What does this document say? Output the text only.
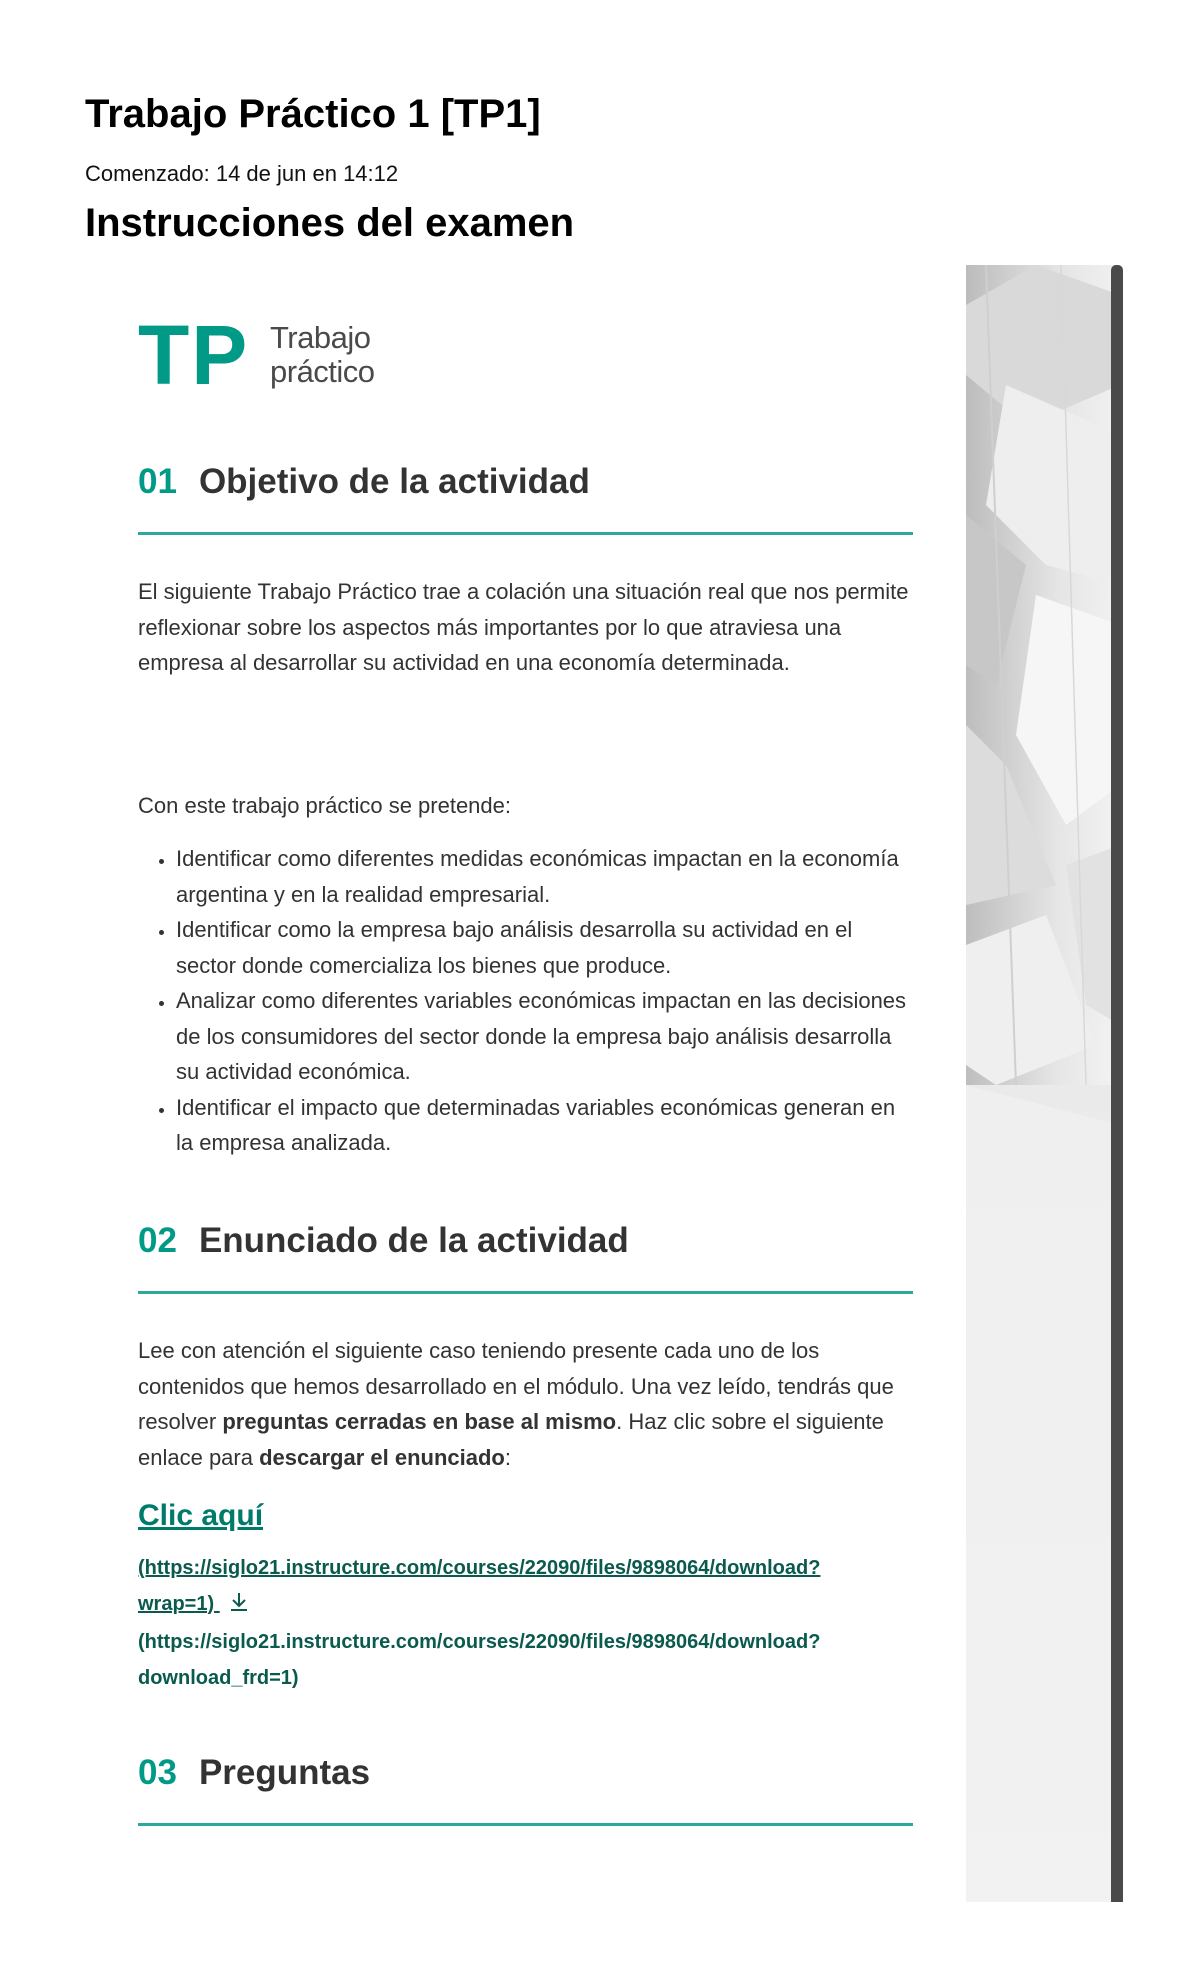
Trabajo Práctico 1 [TP1]
Comenzado: 14 de jun en 14:12
Instrucciones del examen
TP Trabajo
práctico
01 Objetivo de la actividad

El siguiente Trabajo Práctico trae a colación una situación real que nos permite reflexionar sobre los aspectos más importantes por lo que atraviesa una empresa al desarrollar su actividad en una economía determinada.

Con este trabajo práctico se pretende:

• Identificar como diferentes medidas económicas impactan en la economía argentina y en la realidad empresarial.
• Identificar como la empresa bajo análisis desarrolla su actividad en el sector donde comercializa los bienes que produce.
• Analizar como diferentes variables económicas impactan en las decisiones de los consumidores del sector donde la empresa bajo análisis desarrolla su actividad económica.
• Identificar el impacto que determinadas variables económicas generan en la empresa analizada.
02 Enunciado de la actividad

Lee con atención el siguiente caso teniendo presente cada uno de los contenidos que hemos desarrollado en el módulo. Una vez leído, tendrás que resolver preguntas cerradas en base al mismo. Haz clic sobre el siguiente enlace para descargar el enunciado:

Clic aquí
(https://siglo21.instructure.com/courses/22090/files/9898064/download?
wrap=1)
(https://siglo21.instructure.com/courses/22090/files/9898064/download?
download_frd=1)
03 Preguntas
